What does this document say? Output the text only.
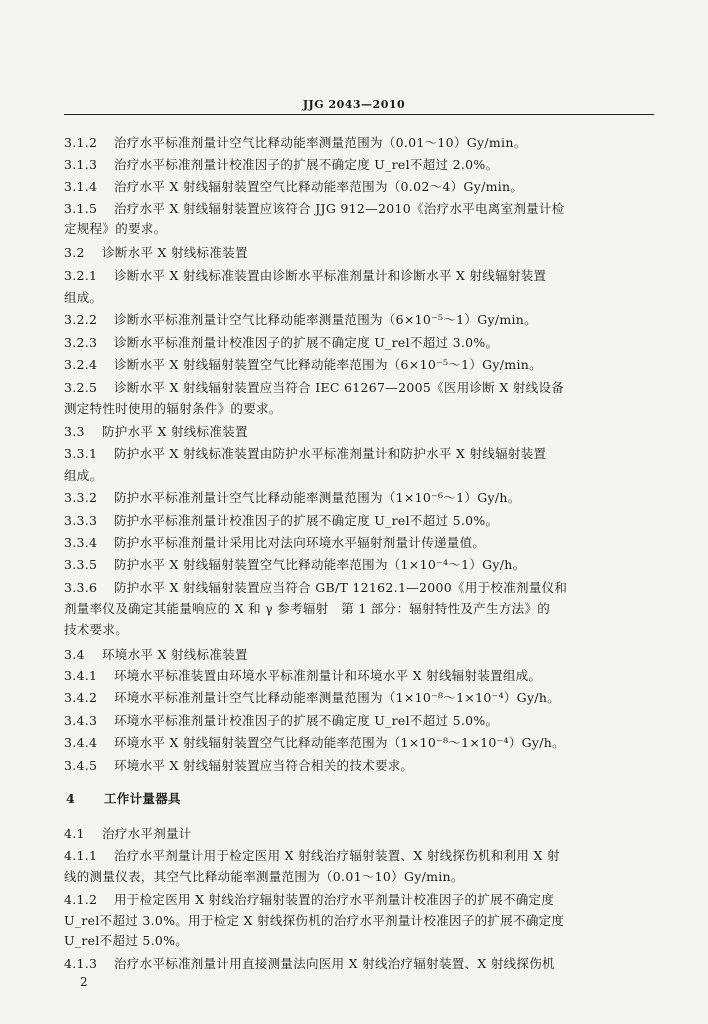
JJG 2043—2010
3.1.2 治疗水平标准剂量计空气比释动能率测量范围为（0.01～10）Gy/min。
3.1.3 治疗水平标准剂量计校准因子的扩展不确定度 U_rel不超过 2.0%。
3.1.4 治疗水平 X 射线辐射装置空气比释动能率范围为（0.02～4）Gy/min。
3.1.5 治疗水平 X 射线辐射装置应该符合 JJG 912—2010《治疗水平电离室剂量计检
定规程》的要求。
3.2 诊断水平 X 射线标准装置
3.2.1 诊断水平 X 射线标准装置由诊断水平标准剂量计和诊断水平 X 射线辐射装置
组成。
3.2.2 诊断水平标准剂量计空气比释动能率测量范围为（6×10⁻⁵～1）Gy/min。
3.2.3 诊断水平标准剂量计校准因子的扩展不确定度 U_rel不超过 3.0%。
3.2.4 诊断水平 X 射线辐射装置空气比释动能率范围为（6×10⁻⁵～1）Gy/min。
3.2.5 诊断水平 X 射线辐射装置应当符合 IEC 61267—2005《医用诊断 X 射线设备
测定特性时使用的辐射条件》的要求。
3.3 防护水平 X 射线标准装置
3.3.1 防护水平 X 射线标准装置由防护水平标准剂量计和防护水平 X 射线辐射装置
组成。
3.3.2 防护水平标准剂量计空气比释动能率测量范围为（1×10⁻⁶～1）Gy/h。
3.3.3 防护水平标准剂量计校准因子的扩展不确定度 U_rel不超过 5.0%。
3.3.4 防护水平标准剂量计采用比对法向环境水平辐射剂量计传递量值。
3.3.5 防护水平 X 射线辐射装置空气比释动能率范围为（1×10⁻⁴～1）Gy/h。
3.3.6 防护水平 X 射线辐射装置应当符合 GB/T 12162.1—2000《用于校准剂量仪和
剂量率仪及确定其能量响应的 X 和 γ 参考辐射　第 1 部分：辐射特性及产生方法》的
技术要求。
3.4 环境水平 X 射线标准装置
3.4.1 环境水平标准装置由环境水平标准剂量计和环境水平 X 射线辐射装置组成。
3.4.2 环境水平标准剂量计空气比释动能率测量范围为（1×10⁻⁸～1×10⁻⁴）Gy/h。
3.4.3 环境水平标准剂量计校准因子的扩展不确定度 U_rel不超过 5.0%。
3.4.4 环境水平 X 射线辐射装置空气比释动能率范围为（1×10⁻⁸～1×10⁻⁴）Gy/h。
3.4.5 环境水平 X 射线辐射装置应当符合相关的技术要求。
4 工作计量器具
4.1 治疗水平剂量计
4.1.1 治疗水平剂量计用于检定医用 X 射线治疗辐射装置、X 射线探伤机和利用 X 射
线的测量仪表，其空气比释动能率测量范围为（0.01～10）Gy/min。
4.1.2 用于检定医用 X 射线治疗辐射装置的治疗水平剂量计校准因子的扩展不确定度
U_rel不超过 3.0%。用于检定 X 射线探伤机的治疗水平剂量计校准因子的扩展不确定度
U_rel不超过 5.0%。
4.1.3 治疗水平标准剂量计用直接测量法向医用 X 射线治疗辐射装置、X 射线探伤机
2
